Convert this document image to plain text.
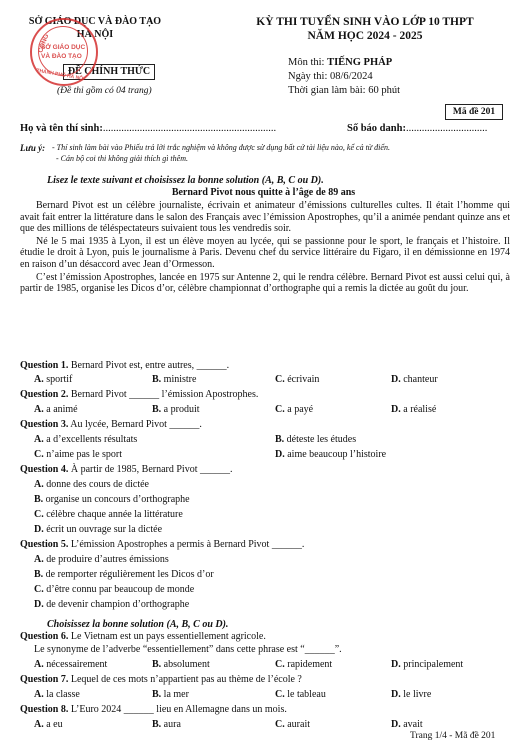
SỞ GIÁO DỤC VÀ ĐÀO TẠO
HÀ NỘI
ĐỀ CHÍNH THỨC
(Đề thi gồm có 04 trang)
CÔNG
SỞ GIÁO DỤC
VÀ ĐÀO TẠO
THÀNH PHỐ HÀ NỘI
KỲ THI TUYỂN SINH VÀO LỚP 10 THPT
NĂM HỌC 2024 - 2025
Môn thi: TIẾNG PHÁP
Ngày thi: 08/6/2024
Thời gian làm bài: 60 phút
Mã đề 201
Họ và tên thí sinh:..................................................................	Số báo danh:...............................
Lưu ý: - Thí sinh làm bài vào Phiếu trả lời trắc nghiệm và không được sử dụng bất cứ tài liệu nào, kể cả từ điển.
- Cán bộ coi thi không giải thích gì thêm.
Lisez le texte suivant et choisissez la bonne solution (A, B, C ou D).
Bernard Pivot nous quitte à l’âge de 89 ans

Bernard Pivot est un célèbre journaliste, écrivain et animateur d’émissions culturelles cultes. Il était l’homme qui avait fait entrer la littérature dans le salon des Français avec l’émission Apostrophes, qu’il a animée pendant quinze ans et que des millions de téléspectateurs suivaient tous les vendredis soir.

Né le 5 mai 1935 à Lyon, il est un élève moyen au lycée, qui se passionne pour le sport, le français et l’histoire. Il étudie le droit à Lyon, puis le journalisme à Paris. Devenu chef du service littéraire du Figaro, il en démissionne en 1974 en raison d’un désaccord avec Jean d’Ormesson.

C’est l’émission Apostrophes, lancée en 1975 sur Antenne 2, qui le rendra célèbre. Bernard Pivot est aussi celui qui, à partir de 1985, organise les Dicos d’or, célèbre championnat d’orthographe qui a remis la dictée au goût du jour.

Question 1. Bernard Pivot est, entre autres, ______.
A. sportif	B. ministre	C. écrivain	D. chanteur
Question 2. Bernard Pivot ______ l’émission Apostrophes.
A. a animé	B. a produit	C. a payé	D. a réalisé
Question 3. Au lycée, Bernard Pivot ______.
A. a d’excellents résultats	B. déteste les études
C. n’aime pas le sport	D. aime beaucoup l’histoire
Question 4. À partir de 1985, Bernard Pivot ______.
A. donne des cours de dictée
B. organise un concours d’orthographe
C. célèbre chaque année la littérature
D. écrit un ouvrage sur la dictée
Question 5. L’émission Apostrophes a permis à Bernard Pivot ______.
A. de produire d’autres émissions
B. de remporter régulièrement les Dicos d’or
C. d’être connu par beaucoup de monde
D. de devenir champion d’orthographe
Choisissez la bonne solution (A, B, C ou D).
Question 6. Le Vietnam est un pays essentiellement agricole.
Le synonyme de l’adverbe “essentiellement” dans cette phrase est “______”.
A. nécessairement	B. absolument	C. rapidement	D. principalement
Question 7. Lequel de ces mots n’appartient pas au thème de l’école ?
A. la classe	B. la mer	C. le tableau	D. le livre
Question 8. L’Euro 2024 ______ lieu en Allemagne dans un mois.
A. a eu	B. aura	C. aurait	D. avait
Trang 1/4 - Mã đề 201
